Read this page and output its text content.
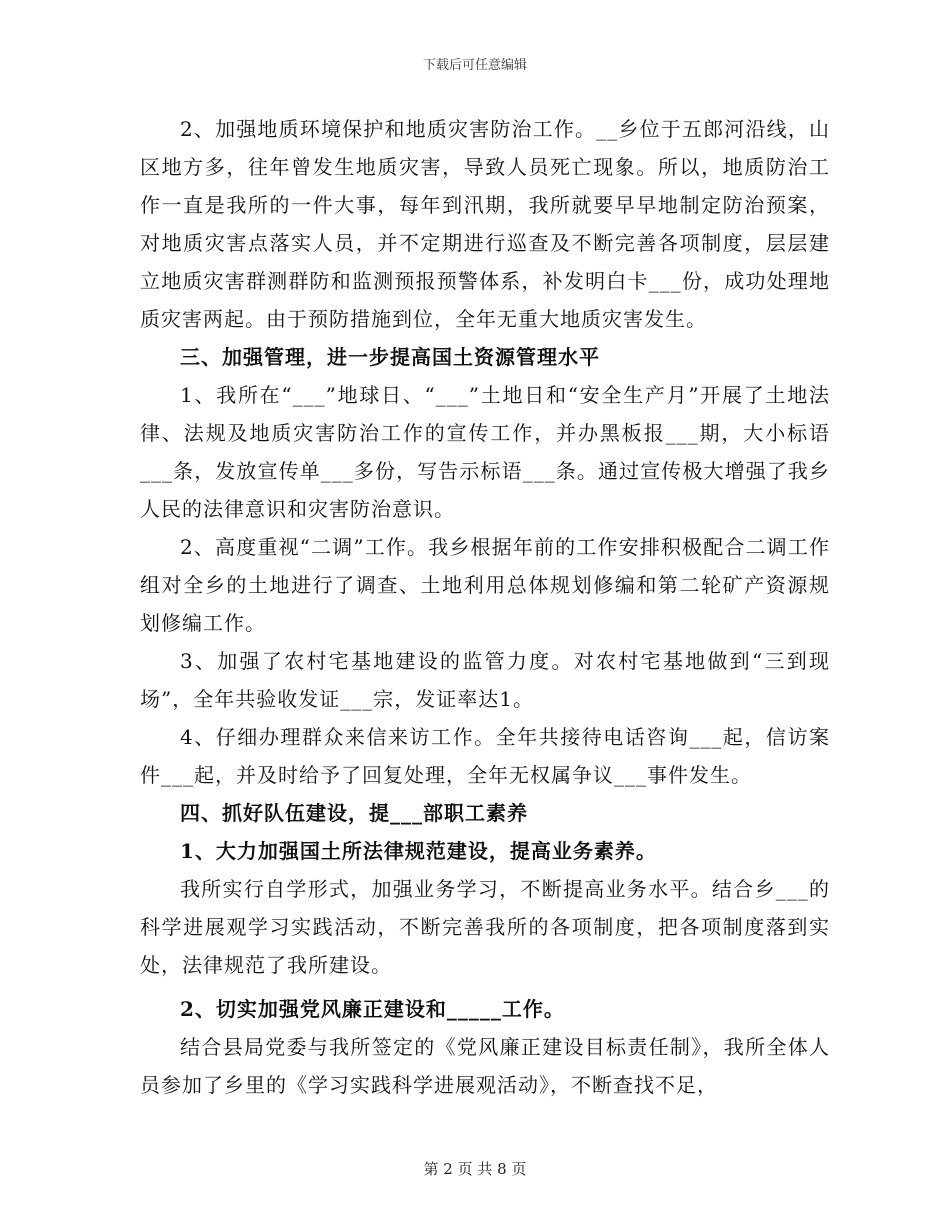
下载后可任意编辑

2、加强地质环境保护和地质灾害防治工作。__乡位于五郎河沿线，山区地方多，往年曾发生地质灾害，导致人员死亡现象。所以，地质防治工作一直是我所的一件大事，每年到汛期，我所就要早早地制定防治预案，对地质灾害点落实人员，并不定期进行巡查及不断完善各项制度，层层建立地质灾害群测群防和监测预报预警体系，补发明白卡___份，成功处理地质灾害两起。由于预防措施到位，全年无重大地质灾害发生。

三、加强管理，进一步提高国土资源管理水平

1、我所在“___”地球日、“___”土地日和“安全生产月”开展了土地法律、法规及地质灾害防治工作的宣传工作，并办黑板报___期，大小标语___条，发放宣传单___多份，写告示标语___条。通过宣传极大增强了我乡人民的法律意识和灾害防治意识。

2、高度重视“二调”工作。我乡根据年前的工作安排积极配合二调工作组对全乡的土地进行了调查、土地利用总体规划修编和第二轮矿产资源规划修编工作。

3、加强了农村宅基地建设的监管力度。对农村宅基地做到“三到现场”，全年共验收发证___宗，发证率达1。

4、仔细办理群众来信来访工作。全年共接待电话咨询___起，信访案件___起，并及时给予了回复处理，全年无权属争议___事件发生。

四、抓好队伍建设，提___部职工素养

1、大力加强国土所法律规范建设，提高业务素养。

我所实行自学形式，加强业务学习，不断提高业务水平。结合乡___的科学进展观学习实践活动，不断完善我所的各项制度，把各项制度落到实处，法律规范了我所建设。

2、切实加强党风廉正建设和_____工作。

结合县局党委与我所签定的《党风廉正建设目标责任制》，我所全体人员参加了乡里的《学习实践科学进展观活动》，不断查找不足，

第 2 页 共 8 页
